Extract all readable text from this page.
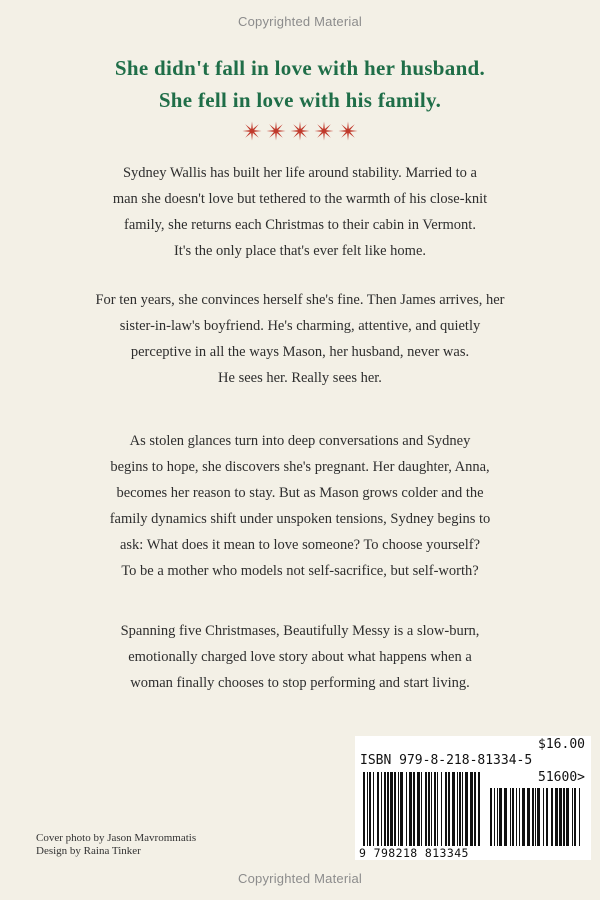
Copyrighted Material
She didn't fall in love with her husband.
She fell in love with his family.
Sydney Wallis has built her life around stability. Married to a
man she doesn't love but tethered to the warmth of his close-knit
family, she returns each Christmas to their cabin in Vermont.
It's the only place that's ever felt like home.
For ten years, she convinces herself she's fine. Then James arrives, her
sister-in-law's boyfriend. He's charming, attentive, and quietly
perceptive in all the ways Mason, her husband, never was.
He sees her. Really sees her.
As stolen glances turn into deep conversations and Sydney
begins to hope, she discovers she's pregnant. Her daughter, Anna,
becomes her reason to stay. But as Mason grows colder and the
family dynamics shift under unspoken tensions, Sydney begins to
ask: What does it mean to love someone? To choose yourself?
To be a mother who models not self-sacrifice, but self-worth?
Spanning five Christmases, Beautifully Messy is a slow-burn,
emotionally charged love story about what happens when a
woman finally chooses to stop performing and start living.
$16.00
ISBN 979-8-218-81334-5
51600>
9 798218 813345
Cover photo by Jason Mavrommatis
Design by Raina Tinker
Copyrighted Material
